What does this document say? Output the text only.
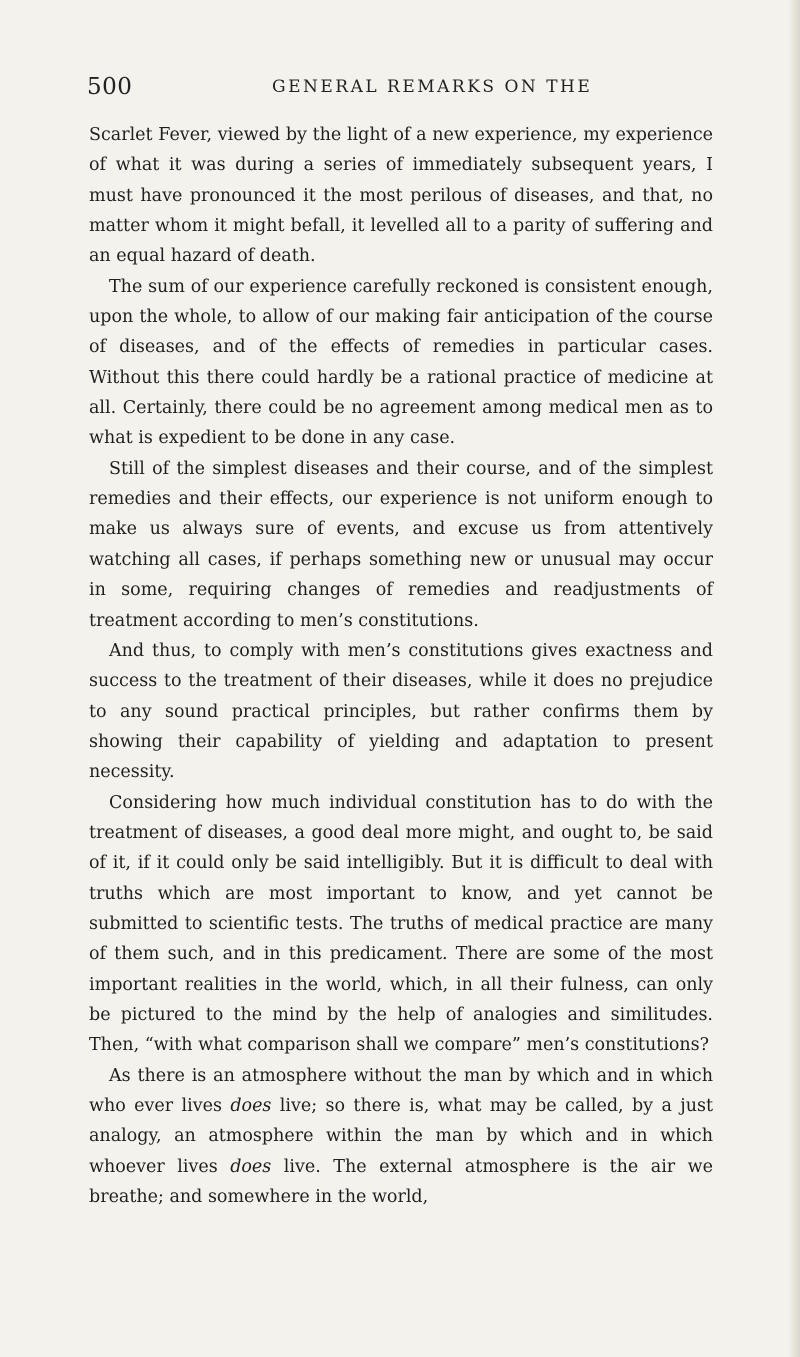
500	GENERAL REMARKS ON THE

Scarlet Fever, viewed by the light of a new experience, my experience of what it was during a series of immediately subsequent years, I must have pronounced it the most perilous of diseases, and that, no matter whom it might befall, it levelled all to a parity of suffering and an equal hazard of death.

The sum of our experience carefully reckoned is consistent enough, upon the whole, to allow of our making fair anticipation of the course of diseases, and of the effects of remedies in particular cases. Without this there could hardly be a rational practice of medicine at all. Certainly, there could be no agreement among medical men as to what is expedient to be done in any case.

Still of the simplest diseases and their course, and of the simplest remedies and their effects, our experience is not uniform enough to make us always sure of events, and excuse us from attentively watching all cases, if perhaps something new or unusual may occur in some, requiring changes of remedies and readjustments of treatment according to men’s constitutions.

And thus, to comply with men’s constitutions gives exactness and success to the treatment of their diseases, while it does no prejudice to any sound practical principles, but rather confirms them by showing their capability of yielding and adaptation to present necessity.

Considering how much individual constitution has to do with the treatment of diseases, a good deal more might, and ought to, be said of it, if it could only be said intelligibly. But it is difficult to deal with truths which are most important to know, and yet cannot be submitted to scientific tests. The truths of medical practice are many of them such, and in this predicament. There are some of the most important realities in the world, which, in all their fulness, can only be pictured to the mind by the help of analogies and similitudes. Then, “with what comparison shall we compare” men’s constitutions?

As there is an atmosphere without the man by which and in which who ever lives does live; so there is, what may be called, by a just analogy, an atmosphere within the man by which and in which whoever lives does live. The external atmosphere is the air we breathe; and somewhere in the world,
